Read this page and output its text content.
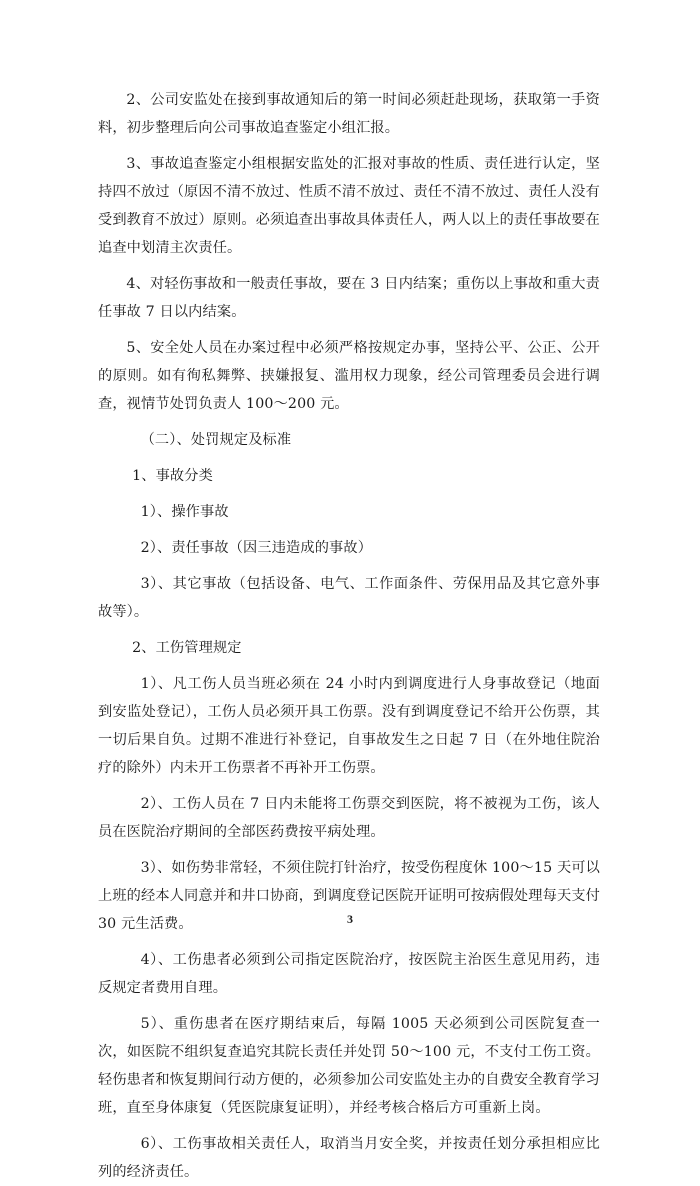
2、公司安监处在接到事故通知后的第一时间必须赶赴现场，获取第一手资料，初步整理后向公司事故追查鉴定小组汇报。

3、事故追查鉴定小组根据安监处的汇报对事故的性质、责任进行认定，坚持四不放过（原因不清不放过、性质不清不放过、责任不清不放过、责任人没有受到教育不放过）原则。必须追查出事故具体责任人，两人以上的责任事故要在追查中划清主次责任。

4、对轻伤事故和一般责任事故，要在 3 日内结案；重伤以上事故和重大责任事故 7 日以内结案。

5、安全处人员在办案过程中必须严格按规定办事，坚持公平、公正、公开的原则。如有徇私舞弊、挟嫌报复、滥用权力现象，经公司管理委员会进行调查，视情节处罚负责人 100～200 元。

（二）、处罚规定及标准

1、事故分类

1）、操作事故

2）、责任事故（因三违造成的事故）

3）、其它事故（包括设备、电气、工作面条件、劳保用品及其它意外事故等）。

2、工伤管理规定

1）、凡工伤人员当班必须在 24 小时内到调度进行人身事故登记（地面到安监处登记），工伤人员必须开具工伤票。没有到调度登记不给开公伤票，其一切后果自负。过期不准进行补登记，自事故发生之日起 7 日（在外地住院治疗的除外）内未开工伤票者不再补开工伤票。

2）、工伤人员在 7 日内未能将工伤票交到医院，将不被视为工伤，该人员在医院治疗期间的全部医药费按平病处理。

3）、如伤势非常轻，不须住院打针治疗，按受伤程度休 100～15 天可以上班的经本人同意并和井口协商，到调度登记医院开证明可按病假处理每天支付 30 元生活费。

4）、工伤患者必须到公司指定医院治疗，按医院主治医生意见用药，违反规定者费用自理。

5）、重伤患者在医疗期结束后，每隔 1005 天必须到公司医院复查一次，如医院不组织复查追究其院长责任并处罚 50～100 元，不支付工伤工资。轻伤患者和恢复期间行动方便的，必须参加公司安监处主办的自费安全教育学习班，直至身体康复（凭医院康复证明），并经考核合格后方可重新上岗。

6）、工伤事故相关责任人，取消当月安全奖，并按责任划分承担相应比列的经济责任。

3
